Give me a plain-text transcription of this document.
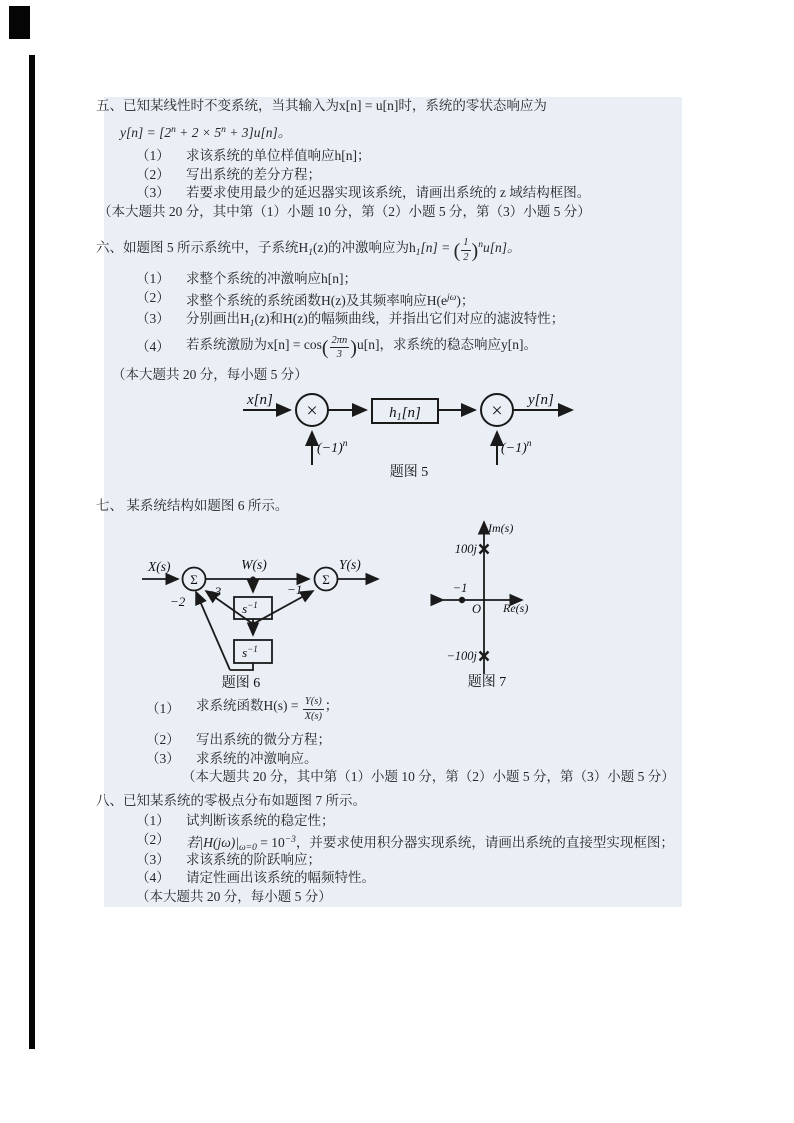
五、已知某线性时不变系统，当其输入为x[n] = u[n]时，系统的零状态响应为
$y[n] = [2^n + 2 \times 5^n + 3]u[n]$。
（1）	求该系统的单位样值响应h[n]；
（2）	写出系统的差分方程；
（3）	若要求使用最少的延迟器实现该系统，请画出系统的 z 域结构框图。
（本大题共 20 分，其中第（1）小题 10 分，第（2）小题 5 分，第（3）小题 5 分）
六、如题图 5 所示系统中，子系统$H_1(z)$的冲激响应为$h_1[n]$ = ( $\frac{1}{2} )^nu[n]$。
（1）	求整个系统的冲激响应h[n]；
（2）	求整个系统的系统函数H(z)及其频率响应$H(e^{j\omega})$；
（3）	分别画出$H_1(z)$和H(z)的幅频曲线，并指出它们对应的滤波特性；
（4）	若系统激励为$x[n] = \cos( \frac{2\pi n}{3} )u[n]$，求系统的稳态响应y[n]。
（本大题共 20 分，每小题 5 分）
x[n]	y[n]
×	×
$h_1[n]$
$(-1)^n$	$(-1)^n$
题图 5
七、 某系统结构如题图 6 所示。
X(s)	W(s)	Y(s)
Σ	Σ
−2
−3	−1
$s^{-1}$
$s^{-1}$
题图 6
Im(s)
Re(s)
100j
−100j
−1
O
题图 7
（1）	求系统函数$H(s) = \frac{Y(s)}{X(s)}$ ；
（2）	写出系统的微分方程；
（3）	求系统的冲激响应。
（本大题共 20 分，其中第（1）小题 10 分，第（2）小题 5 分，第（3）小题 5 分）
八、已知某系统的零极点分布如题图 7 所示。
（1）	试判断该系统的稳定性；
（2）	若$|H(j\omega)|_{\omega=0} = 10^{-3}$，并要求使用积分器实现系统，请画出系统的直接型实现框图；
（3）	求该系统的阶跃响应；
（4）	请定性画出该系统的幅频特性。
（本大题共 20 分，每小题 5 分）
